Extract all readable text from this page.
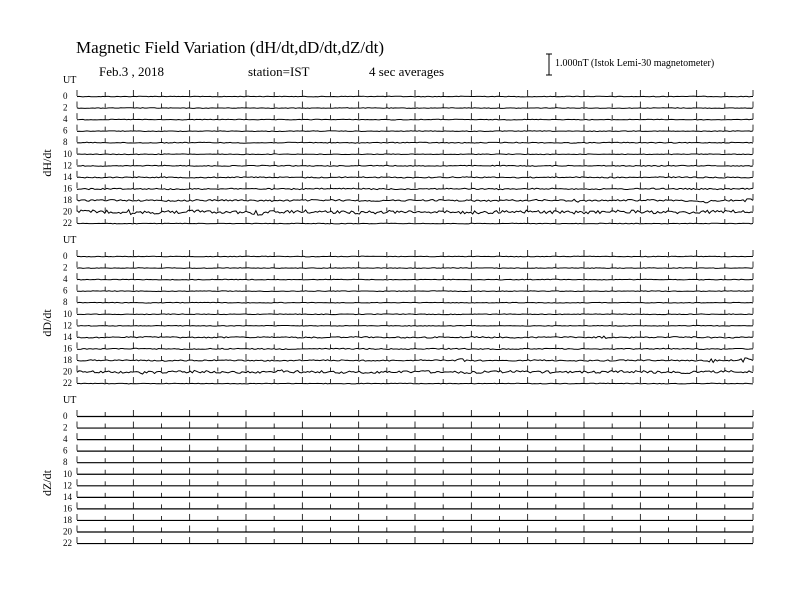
Magnetic Field Variation (dH/dt,dD/dt,dZ/dt)
Feb.3 , 2018	station=IST	4 sec averages
1.000nT (Istok Lemi-30 magnetometer)
UT
dH/dt
0
2
4
6
8
10
12
14
16
18
20
22
UT
dD/dt
0
2
4
6
8
10
12
14
16
18
20
22
UT
dZ/dt
0
2
4
6
8
10
12
14
16
18
20
22
